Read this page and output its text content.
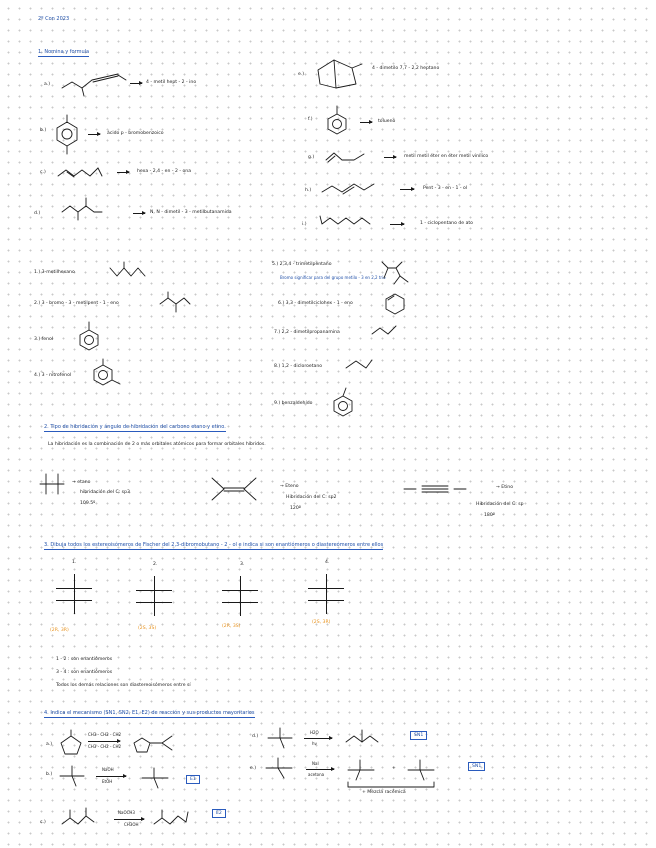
2º Con 2023
1. Nomina y formula
a.)	4 - metil hept - 2 - ino
b.)
ácido p - bromobenzoico
c.)	hexa - 2,4 - en - 2 - ona
d.)	N, N - dimetil - 3 - metilbutanamida
e.)
4 - dimetilo 7,7 - 2,2 heptano
f.)	tolueno
g.)	metil metil éter en éter metil vinílico
h.)	Pent - 3 - en - 1 - ol
i.)	1 - ciclopentano de ato
1.) 3-metilhexano
2.) 3 - bromo - 3 - metilpent - 1 - eno
3.) fenol
4.) 3 - nitrofenol
5.) 2,3,4 - trimetilpentano
Bromo significar para del grupo metilo - 3 en 2,2 trio
6.) 3,3 - dimetilciclohex - 1 - eno
7.) 2,2 - dimetilpropanamina
8.) 1,2 - dicloroetano
9.) benzaldehído
2. Tipo de hibridación y ángulo de hibridación del carbono etano y etino.
La hibridación es la combinación de 2 o más orbitales atómicos para formar orbitales híbridos.
→ etano
hibridación del C: sp3
109.5º
→ Eteno
Hibridación del C: sp2
120º
→ Etino
Hibridación del C: sp
180º
3. Dibuja todos los estereoisómeros de Fischer del 2,3-dibromobutano - 2 - ol e indica si son enantiómeros o diastereómeros entre ellos
1.
(2R, 3R)
2.
(2S, 3S)
3.
(2R, 3S)
4.
(2S, 3R)
1 - 2 : son enantiómeros
3 - 4 : son enantiómeros
Todos los demás relaciones son diastereoisómeros entre sí
4. Indica el mecanismo (SN1, SN2, E1, E2) de reacción y sus productos mayoritarios
a.)
CH3 - CH2 - CH2
CH3 - CH2 - CH2
b.)
NaOH
EtOH	E1
c.)
NaOCH3
CH3OH
E2
d.)
H2O
hν
SN1
e.)
NaI
acetona
+	SN1
+ Mezcla racémica
